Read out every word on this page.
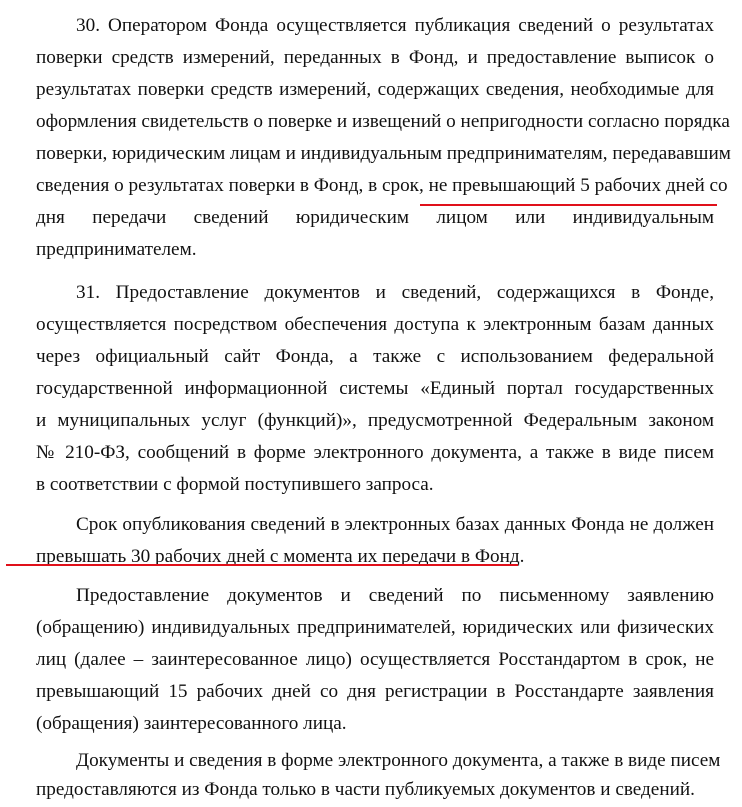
30. Оператором Фонда осуществляется публикация сведений о результатах
поверки средств измерений, переданных в Фонд, и предоставление выписок о
результатах поверки средств измерений, содержащих сведения, необходимые для
оформления свидетельств о поверке и извещений о непригодности согласно порядка
поверки, юридическим лицам и индивидуальным предпринимателям, передававшим
сведения о результатах поверки в Фонд, в срок, не превышающий 5 рабочих дней со
дня передачи сведений юридическим лицом или индивидуальным
предпринимателем.
31. Предоставление документов и сведений, содержащихся в Фонде,
осуществляется посредством обеспечения доступа к электронным базам данных
через официальный сайт Фонда, а также с использованием федеральной
государственной информационной системы «Единый портал государственных
и муниципальных услуг (функций)», предусмотренной Федеральным законом
№ 210-ФЗ, сообщений в форме электронного документа, а также в виде писем
в соответствии с формой поступившего запроса.
Срок опубликования сведений в электронных базах данных Фонда не должен
превышать 30 рабочих дней с момента их передачи в Фонд.
Предоставление документов и сведений по письменному заявлению
(обращению) индивидуальных предпринимателей, юридических или физических
лиц (далее – заинтересованное лицо) осуществляется Росстандартом в срок, не
превышающий 15 рабочих дней со дня регистрации в Росстандарте заявления
(обращения) заинтересованного лица.
Документы и сведения в форме электронного документа, а также в виде писем
предоставляются из Фонда только в части публикуемых документов и сведений.
